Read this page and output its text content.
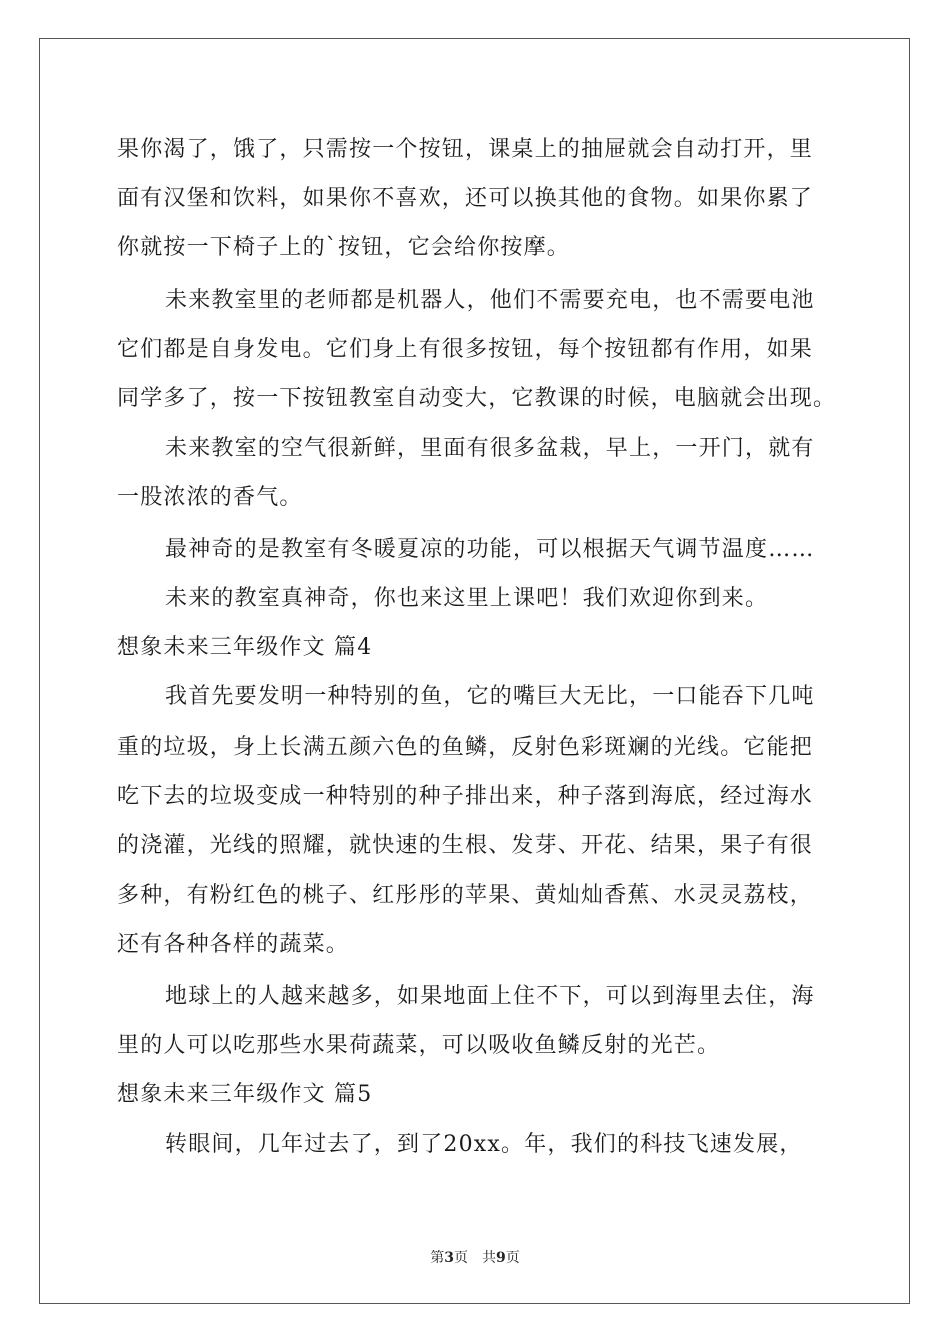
果你渴了，饿了，只需按一个按钮，课桌上的抽屉就会自动打开，里
面有汉堡和饮料，如果你不喜欢，还可以换其他的食物。如果你累了
你就按一下椅子上的`按钮，它会给你按摩。
未来教室里的老师都是机器人，他们不需要充电，也不需要电池
它们都是自身发电。它们身上有很多按钮，每个按钮都有作用，如果
同学多了，按一下按钮教室自动变大，它教课的时候，电脑就会出现。
未来教室的空气很新鲜，里面有很多盆栽，早上，一开门，就有
一股浓浓的香气。
最神奇的是教室有冬暖夏凉的功能，可以根据天气调节温度……
未来的教室真神奇，你也来这里上课吧！我们欢迎你到来。
想象未来三年级作文 篇4
我首先要发明一种特别的鱼，它的嘴巨大无比，一口能吞下几吨
重的垃圾，身上长满五颜六色的鱼鳞，反射色彩斑斓的光线。它能把
吃下去的垃圾变成一种特别的种子排出来，种子落到海底，经过海水
的浇灌，光线的照耀，就快速的生根、发芽、开花、结果，果子有很
多种，有粉红色的桃子、红彤彤的苹果、黄灿灿香蕉、水灵灵荔枝，
还有各种各样的蔬菜。
地球上的人越来越多，如果地面上住不下，可以到海里去住，海
里的人可以吃那些水果荷蔬菜，可以吸收鱼鳞反射的光芒。
想象未来三年级作文 篇5
转眼间，几年过去了，到了20xx。年，我们的科技飞速发展，
第3页　共9页
